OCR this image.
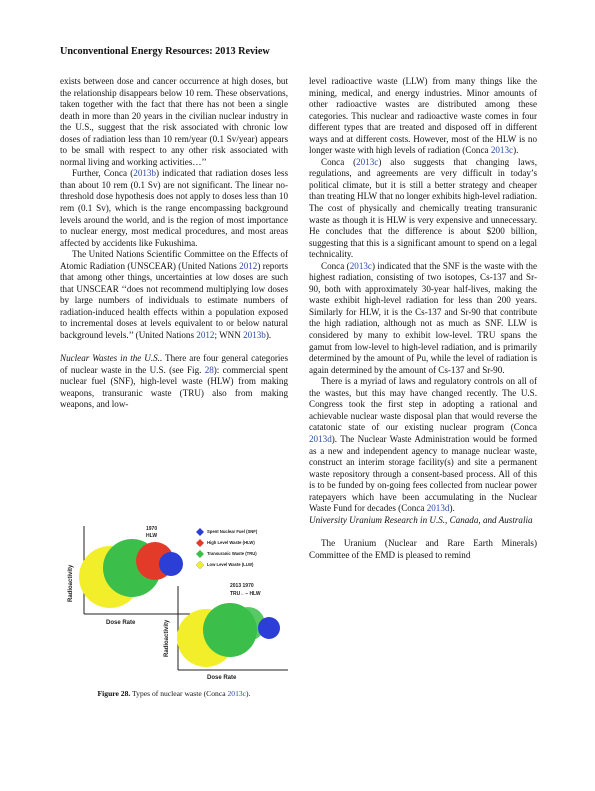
Unconventional Energy Resources: 2013 Review

exists between dose and cancer occurrence at high doses, but the relationship disappears below 10 rem. These observations, taken together with the fact that there has not been a single death in more than 20 years in the civilian nuclear industry in the U.S., suggest that the risk associated with chronic low doses of radiation less than 10 rem/year (0.1 Sv/year) appears to be small with respect to any other risk associated with normal living and working activities…’’

Further, Conca (2013b) indicated that radiation doses less than about 10 rem (0.1 Sv) are not significant. The linear no-threshold dose hypothesis does not apply to doses less than 10 rem (0.1 Sv), which is the range encompassing background levels around the world, and is the region of most importance to nuclear energy, most medical procedures, and most areas affected by accidents like Fukushima.

The United Nations Scientific Committee on the Effects of Atomic Radiation (UNSCEAR) (United Nations 2012) reports that among other things, uncertainties at low doses are such that UNSCEAR ‘‘does not recommend multiplying low doses by large numbers of individuals to estimate numbers of radiation-induced health effects within a population exposed to incremental doses at levels equivalent to or below natural background levels.’’ (United Nations 2012; WNN 2013b).

Nuclear Wastes in the U.S.. There are four general categories of nuclear waste in the U.S. (see Fig. 28): commercial spent nuclear fuel (SNF), high-level waste (HLW) from making weapons, transuranic waste (TRU) also from making weapons, and low-

Spent Nuclear Fuel (SNF)
High Level Waste (HLW)
Transuranic Waste (TRU)
Low Level Waste (LLW)
1970
HLW
2013 1970
TRU←– HLW
Radioactivity
Dose Rate	Radioactivity
Dose Rate
Figure 28. Types of nuclear waste (Conca 2013c).

level radioactive waste (LLW) from many things like the mining, medical, and energy industries. Minor amounts of other radioactive wastes are distributed among these categories. This nuclear and radioactive waste comes in four different types that are treated and disposed off in different ways and at different costs. However, most of the HLW is no longer waste with high levels of radiation (Conca 2013c).

Conca (2013c) also suggests that changing laws, regulations, and agreements are very difficult in today’s political climate, but it is still a better strategy and cheaper than treating HLW that no longer exhibits high-level radiation. The cost of physically and chemically treating transuranic waste as though it is HLW is very expensive and unnecessary. He concludes that the difference is about $200 billion, suggesting that this is a significant amount to spend on a legal technicality.

Conca (2013c) indicated that the SNF is the waste with the highest radiation, consisting of two isotopes, Cs-137 and Sr-90, both with approximately 30-year half-lives, making the waste exhibit high-level radiation for less than 200 years. Similarly for HLW, it is the Cs-137 and Sr-90 that contribute the high radiation, although not as much as SNF. LLW is considered by many to exhibit low-level. TRU spans the gamut from low-level to high-level radiation, and is primarily determined by the amount of Pu, while the level of radiation is again determined by the amount of Cs-137 and Sr-90.

There is a myriad of laws and regulatory controls on all of the wastes, but this may have changed recently. The U.S. Congress took the first step in adopting a rational and achievable nuclear waste disposal plan that would reverse the catatonic state of our existing nuclear program (Conca 2013d). The Nuclear Waste Administration would be formed as a new and independent agency to manage nuclear waste, construct an interim storage facility(s) and site a permanent waste repository through a consent-based process. All of this is to be funded by on-going fees collected from nuclear power ratepayers which have been accumulating in the Nuclear Waste Fund for decades (Conca 2013d).

University Uranium Research in U.S., Canada, and Australia

The Uranium (Nuclear and Rare Earth Minerals) Committee of the EMD is pleased to remind
